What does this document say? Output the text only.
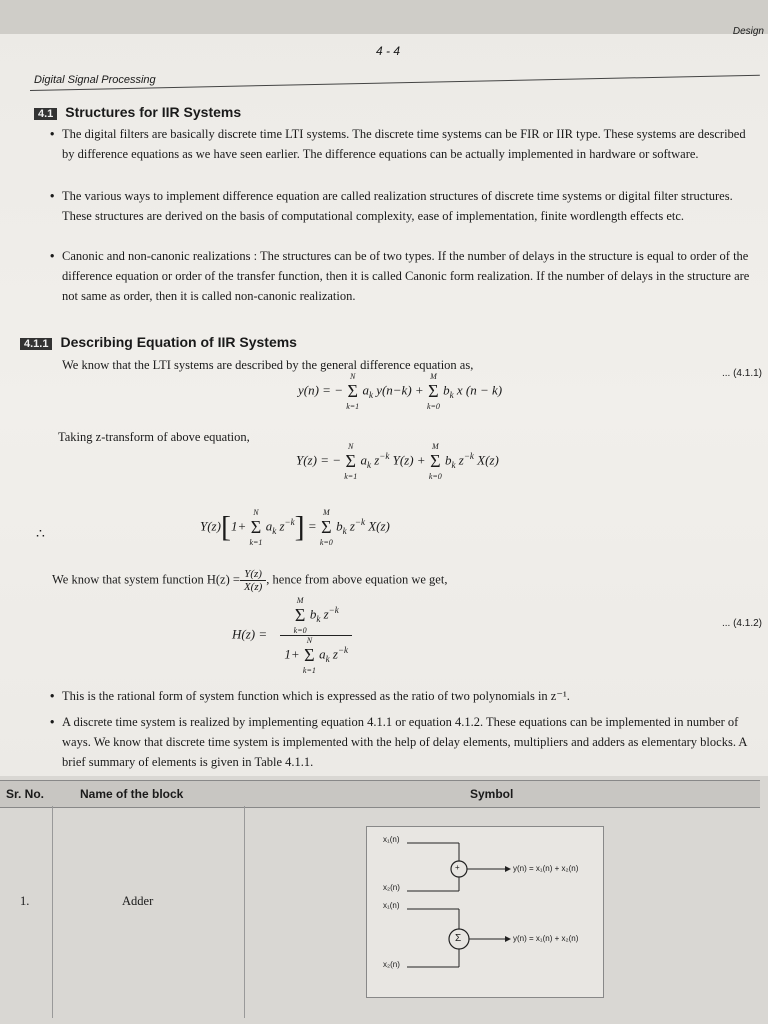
4 - 4
Design
Digital Signal Processing
4.1 Structures for IIR Systems
• The digital filters are basically discrete time LTI systems. The discrete time systems can be FIR or IIR type. These systems are described by difference equations as we have seen earlier. The difference equations can be actually implemented in hardware or software.
• The various ways to implement difference equation are called realization structures of discrete time systems or digital filter structures. These structures are derived on the basis of computational complexity, ease of implementation, finite wordlength effects etc.
• Canonic and non-canonic realizations : The structures can be of two types. If the number of delays in the structure is equal to order of the difference equation or order of the transfer function, then it is called Canonic form realization. If the number of delays in the structure are not same as order, then it is called non-canonic realization.
4.1.1 Describing Equation of IIR Systems
We know that the LTI systems are described by the general difference equation as,
y(n) = −
N
Σ
k=1
$a_k$ y(n−k) +
M
Σ
k=0
$b_k$ x (n − k)
... (4.1.1)
Taking z-transform of above equation,
Y(z) = −
N
Σ
k=1
$a_k$ $z^{-k}$ Y(z) +
M
Σ
k=0
$b_k$ $z^{-k}$ X(z)
∴
Y(z)[1+
N
Σ
k=1
$a_k$ $z^{-k}$] =
M
Σ
k=0
$b_k$ $z^{-k}$ X(z)
We know that system function $H(z) = \frac{Y(z)}{X(z)}$ , hence from above equation we get,
H(z) = M
Σ
k=0
$b_k$ $z^{-k}$
1+
N
Σ
k=1
$a_k$ $z^{-k}$	... (4.1.2)
• This is the rational form of system function which is expressed as the ratio of two polynomials in z⁻¹.
• A discrete time system is realized by implementing equation 4.1.1 or equation 4.1.2. These equations can be implemented in number of ways. We know that discrete time system is implemented with the help of delay elements, multipliers and adders as elementary blocks. A brief summary of elements is given in Table 4.1.1.
Sr. No.	Name of the block	Symbol
1.	Adder
x₁(n)
+
x₂(n)
y(n) = x₁(n) + x₂(n)
x₁(n)
Σ
x₂(n)
y(n) = x₁(n) + x₂(n)
